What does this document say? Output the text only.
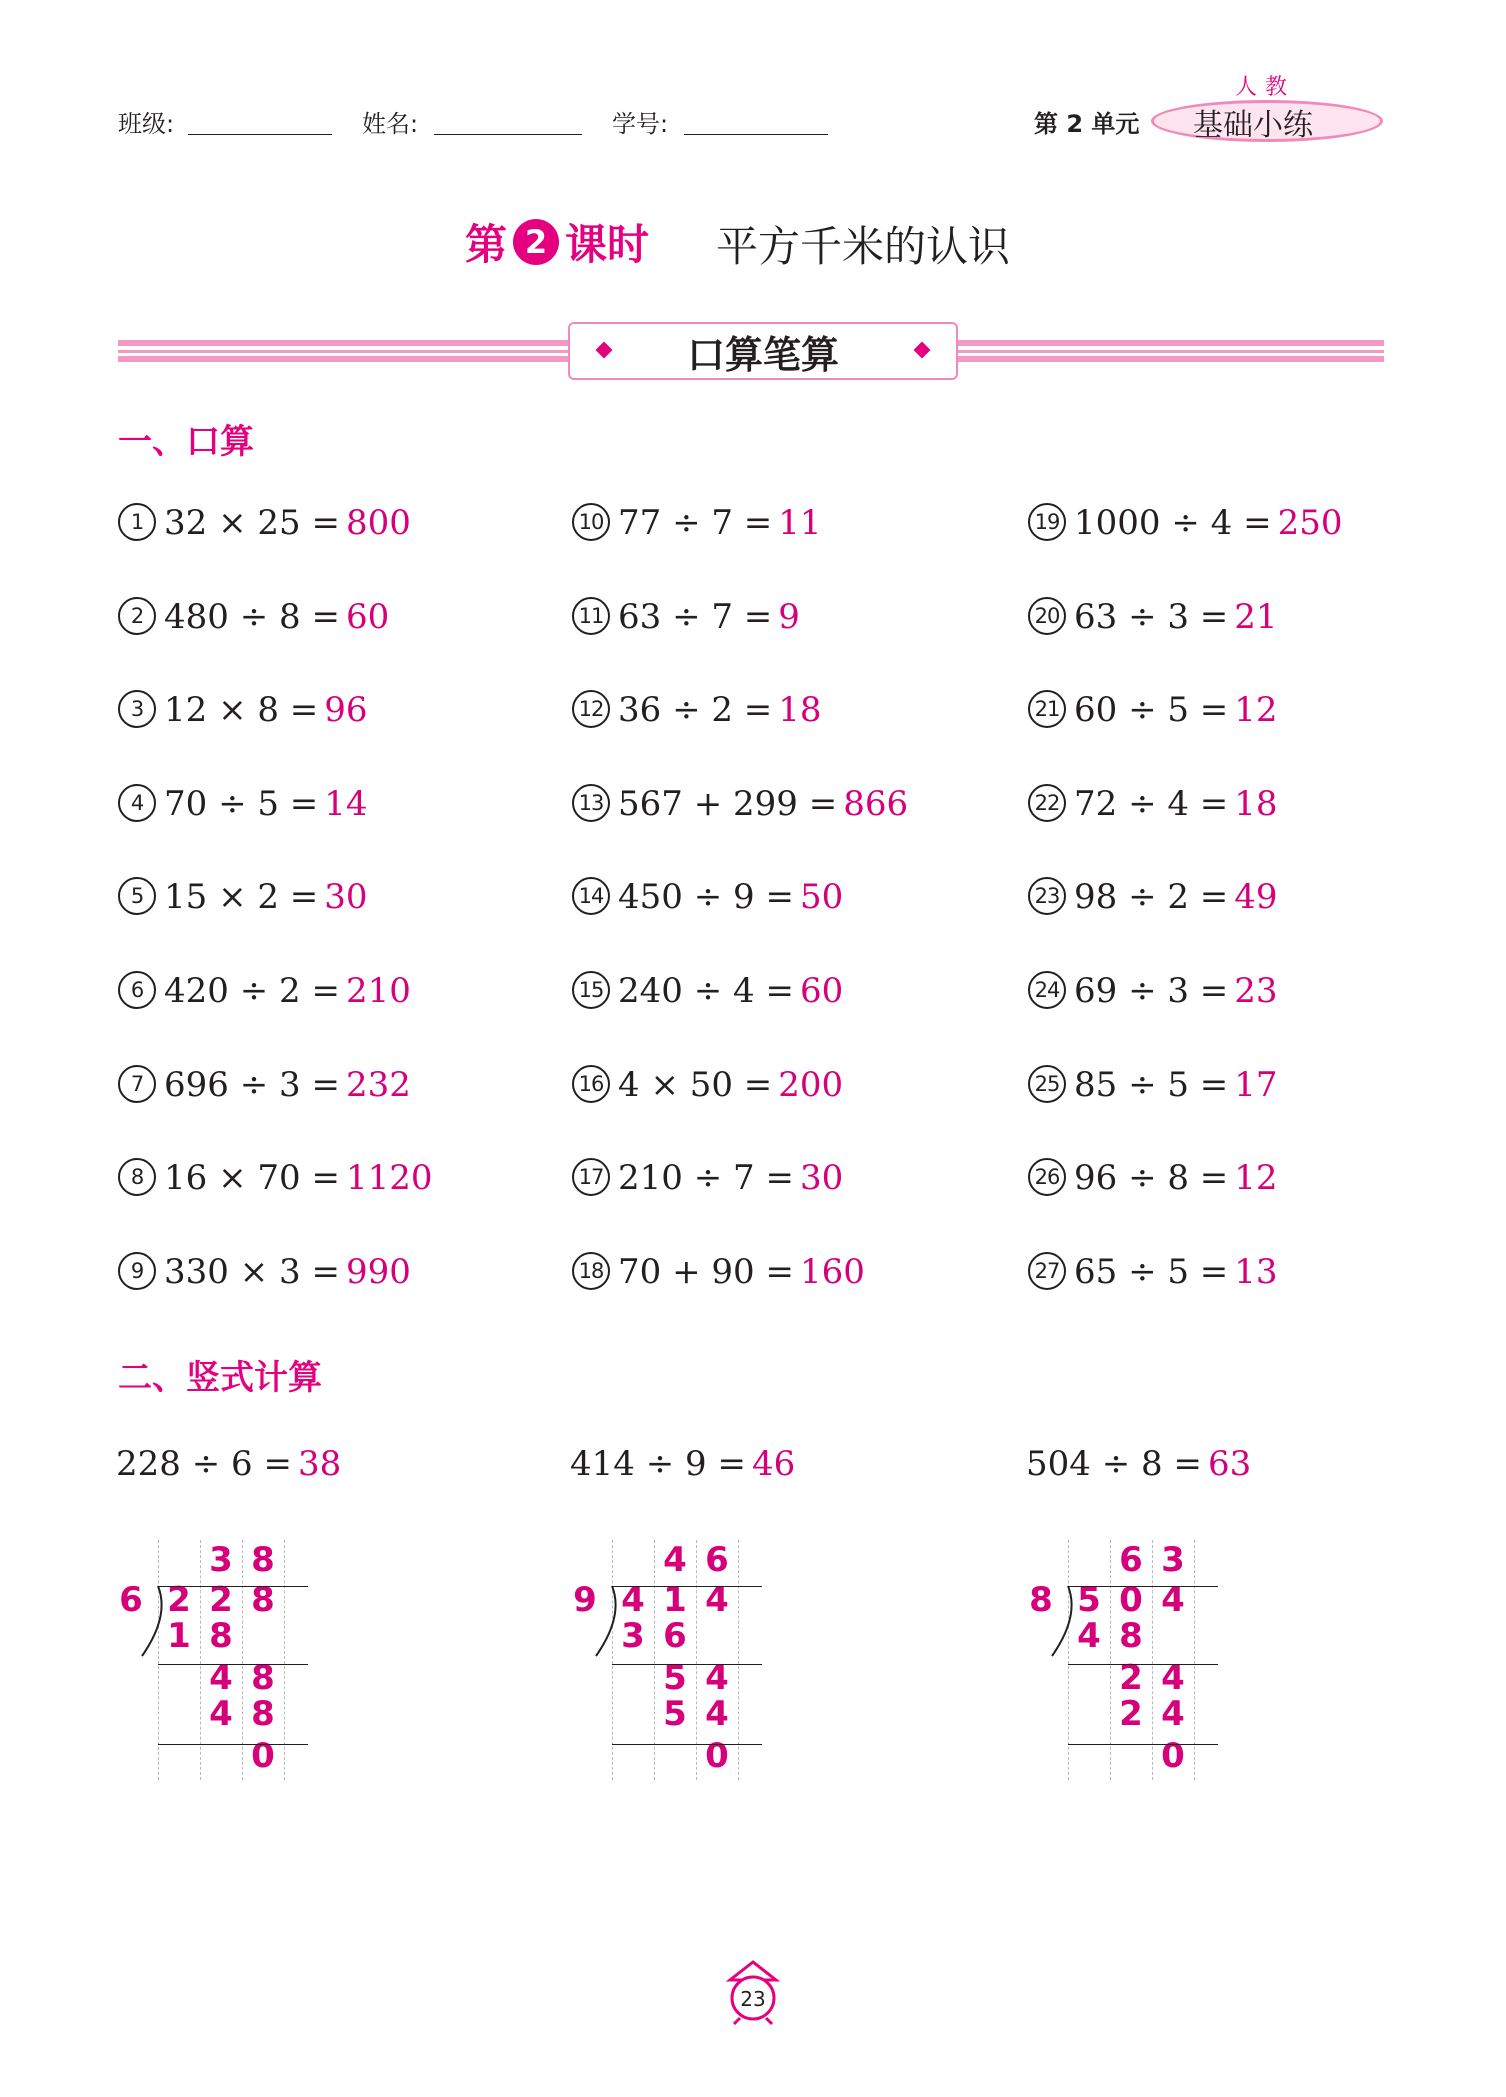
班级:	姓名:	学号:	第 2 单元
人教
基础小练
第 2 课时 平方千米的认识
口算笔算
一、口算
1 32 × 25 = 800
2 480 ÷ 8 = 60
3 12 × 8 = 96
4 70 ÷ 5 = 14
5 15 × 2 = 30
6 420 ÷ 2 = 210
7 696 ÷ 3 = 232
8 16 × 70 = 1120
9 330 × 3 = 990
10 77 ÷ 7 = 11
11 63 ÷ 7 = 9
12 36 ÷ 2 = 18
13 567 + 299 = 866
14 450 ÷ 9 = 50
15 240 ÷ 4 = 60
16 4 × 50 = 200
17 210 ÷ 7 = 30
18 70 + 90 = 160
19 1000 ÷ 4 = 250
20 63 ÷ 3 = 21
21 60 ÷ 5 = 12
22 72 ÷ 4 = 18
23 98 ÷ 2 = 49
24 69 ÷ 3 = 23
25 85 ÷ 5 = 17
26 96 ÷ 8 = 12
27 65 ÷ 5 = 13
二、竖式计算
228 ÷ 6 = 38
3 8
2 2 8
1 8
4 8
4 8
0
6
414 ÷ 9 = 46
4 6
4 1 4
3 6
5 4
5 4
0
9
504 ÷ 8 = 63
6 3
5 0 4
4 8
2 4
2 4
0
8
23
